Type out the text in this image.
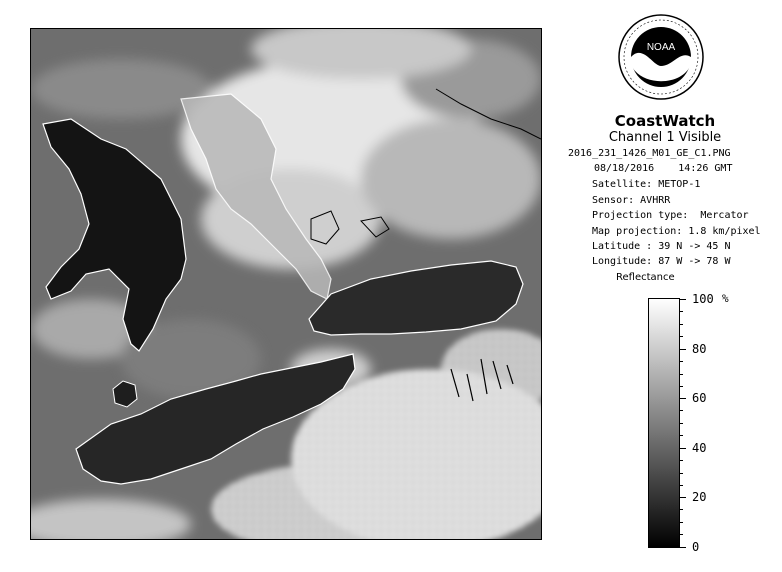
NOAA
CoastWatch
Channel 1 Visible
2016_231_1426_M01_GE_C1.PNG
08/18/2016    14:26 GMT
Satellite: METOP-1
Sensor: AVHRR
Projection type:  Mercator
Map projection: 1.8 km/pixel
Latitude : 39 N -> 45 N
Longitude: 87 W -> 78 W
Reflectance
%
100
80
60
40
20
0
